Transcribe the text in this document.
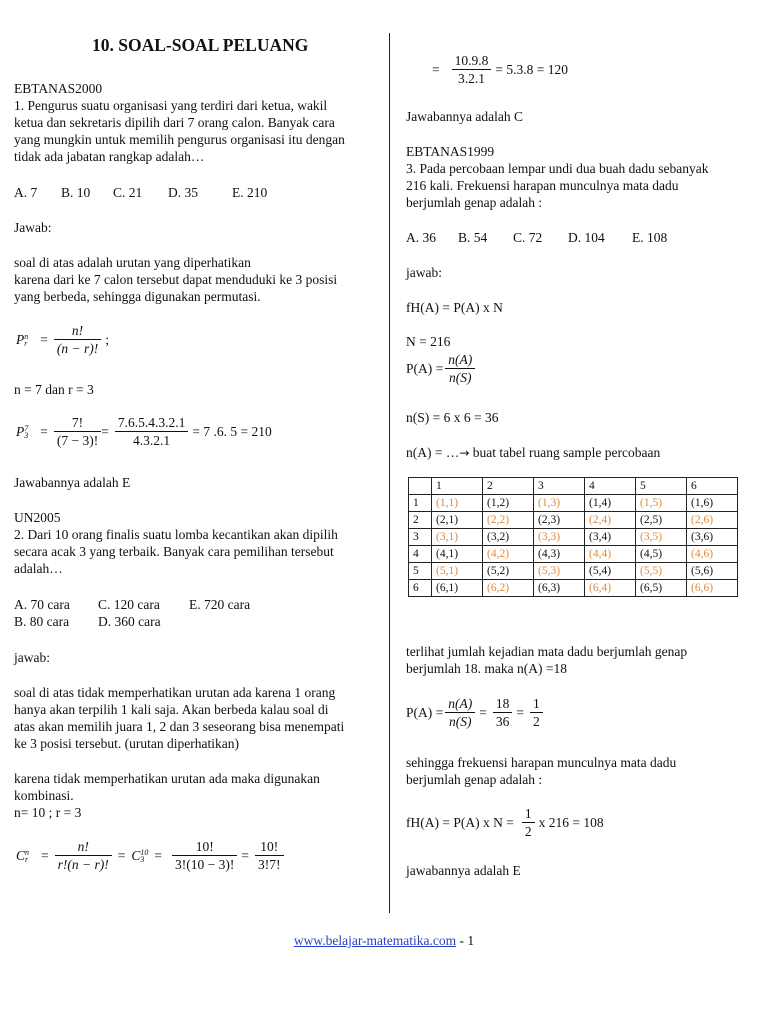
10. SOAL-SOAL PELUANG
EBTANAS2000
1. Pengurus suatu organisasi yang terdiri dari ketua, wakil
ketua dan sekretaris dipilih dari 7 orang calon. Banyak cara
yang mungkin untuk memilih pengurus organisasi itu dengan
tidak ada jabatan rangkap adalah…
A. 7 B. 10 C. 21 D. 35	E. 210
Jawab:
soal di atas adalah urutan yang diperhatikan
karena dari ke 7 calon tersebut dapat menduduki ke 3 posisi
yang berbeda, sehingga digunakan permutasi.
P n
$r = \frac{n!}{(n - r)!}$ ;
n = 7 dan r = 3
P 7
$3 = \frac{7!}{(7 - 3)!} = \frac{7.6.5.4.3.2.1}{4.3.2.1} = 7$ .6. 5 = 210
Jawabannya adalah E
UN2005
2. Dari 10 orang finalis suatu lomba kecantikan akan dipilih
secara acak 3 yang terbaik. Banyak cara pemilihan tersebut
adalah…
A. 70 cara C. 120 cara E. 720 cara
B. 80 cara D. 360 cara
jawab:
soal di atas tidak memperhatikan urutan ada karena 1 orang
hanya akan terpilih 1 kali saja. Akan berbeda kalau soal di
atas akan memilih juara 1, 2 dan 3 seseorang bisa menempati
ke 3 posisi tersebut. (urutan diperhatikan)
karena tidak memperhatikan urutan ada maka digunakan
kombinasi.
n= 10 ; r = 3
C n
$r = \frac{n!}{r!(n - r)!} = C$ 10
$3 = \frac{10!}{3!(10 - 3)!} = \frac{10!}{3!7!}$
= $\frac{10.9.8}{3.2.1} = 5.3.8 = 120$
Jawabannya adalah C
EBTANAS1999
3. Pada percobaan lempar undi dua buah dadu sebanyak
216 kali. Frekuensi harapan munculnya mata dadu
berjumlah genap adalah :
A. 36 B. 54 C. 72 D. 104 E. 108
jawab:
fH(A) = P(A) x N
N = 216
$P(A) = \frac{n(A)}{n(S)}$
n(S) = 6 x 6 = 36
n(A) = …→ buat tabel ruang sample percobaan
	1	2	3	4	5	6
1	(1,1)	(1,2)	(1,3)	(1,4)	(1,5)	(1,6)
2	(2,1)	(2,2)	(2,3)	(2,4)	(2,5)	(2,6)
3	(3,1)	(3,2)	(3,3)	(3,4)	(3,5)	(3,6)
4	(4,1)	(4,2)	(4,3)	(4,4)	(4,5)	(4,6)
5	(5,1)	(5,2)	(5,3)	(5,4)	(5,5)	(5,6)
6	(6,1)	(6,2)	(6,3)	(6,4)	(6,5)	(6,6)
terlihat jumlah kejadian mata dadu berjumlah genap
berjumlah 18. maka n(A) =18
$P(A) = \frac{n(A)}{n(S)} = \frac{18}{36} = \frac{1}{2}$
sehingga frekuensi harapan munculnya mata dadu
berjumlah genap adalah :
fH(A) = P(A) x $N = \frac{1}{2}$ x 216 = 108
jawabannya adalah E
www.belajar-matematika.com - 1
